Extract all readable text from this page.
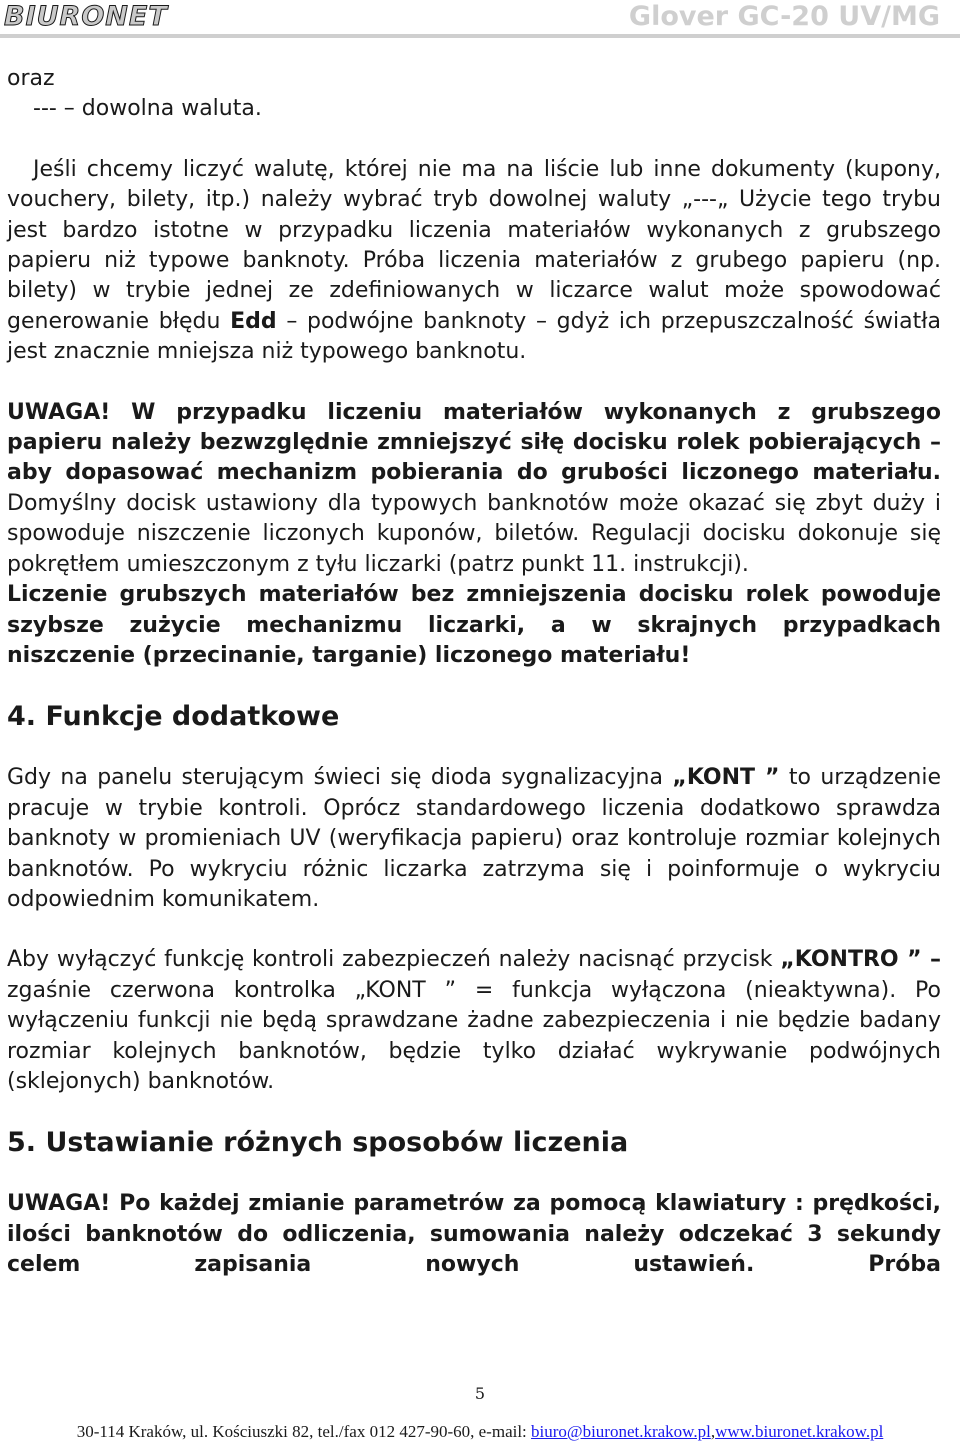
BIURONET	Glover GC-20 UV/MG

oraz

--- – dowolna waluta.

Jeśli chcemy liczyć walutę, której nie ma na liście lub inne dokumenty (kupony, vouchery, bilety, itp.) należy wybrać tryb dowolnej waluty „---„ Użycie tego trybu jest bardzo istotne w przypadku liczenia materiałów wykonanych z grubszego papieru niż typowe banknoty. Próba liczenia materiałów z grubego papieru (np. bilety) w trybie jednej ze zdefiniowanych w liczarce walut może spowodować generowanie błędu Edd – podwójne banknoty – gdyż ich przepuszczalność światła jest znacznie mniejsza niż typowego banknotu.

UWAGA! W przypadku liczeniu materiałów wykonanych z grubszego papieru należy bezwzględnie zmniejszyć siłę docisku rolek pobierających – aby dopasować mechanizm pobierania do grubości liczonego materiału. Domyślny docisk ustawiony dla typowych banknotów może okazać się zbyt duży i spowoduje niszczenie liczonych kuponów, biletów. Regulacji docisku dokonuje się pokrętłem umieszczonym z tyłu liczarki (patrz punkt 11. instrukcji).

Liczenie grubszych materiałów bez zmniejszenia docisku rolek powoduje szybsze zużycie mechanizmu liczarki, a w skrajnych przypadkach niszczenie (przecinanie, targanie) liczonego materiału!

4. Funkcje dodatkowe

Gdy na panelu sterującym świeci się dioda sygnalizacyjna „KONT ” to urządzenie pracuje w trybie kontroli. Oprócz standardowego liczenia dodatkowo sprawdza banknoty w promieniach UV (weryfikacja papieru) oraz kontroluje rozmiar kolejnych banknotów. Po wykryciu różnic liczarka zatrzyma się i poinformuje o wykryciu odpowiednim komunikatem.

Aby wyłączyć funkcję kontroli zabezpieczeń należy nacisnąć przycisk „KONTRO ” – zgaśnie czerwona kontrolka „KONT ” = funkcja wyłączona (nieaktywna). Po wyłączeniu funkcji nie będą sprawdzane żadne zabezpieczenia i nie będzie badany rozmiar kolejnych banknotów, będzie tylko działać wykrywanie podwójnych (sklejonych) banknotów.

5. Ustawianie różnych sposobów liczenia

UWAGA! Po każdej zmianie parametrów za pomocą klawiatury : prędkości, ilości banknotów do odliczenia, sumowania należy odczekać 3 sekundy celem zapisania nowych ustawień. Próba

5
30-114 Kraków, ul. Kościuszki 82, tel./fax 012 427-90-60, e-mail: biuro@biuronet.krakow.pl,www.biuronet.krakow.pl
